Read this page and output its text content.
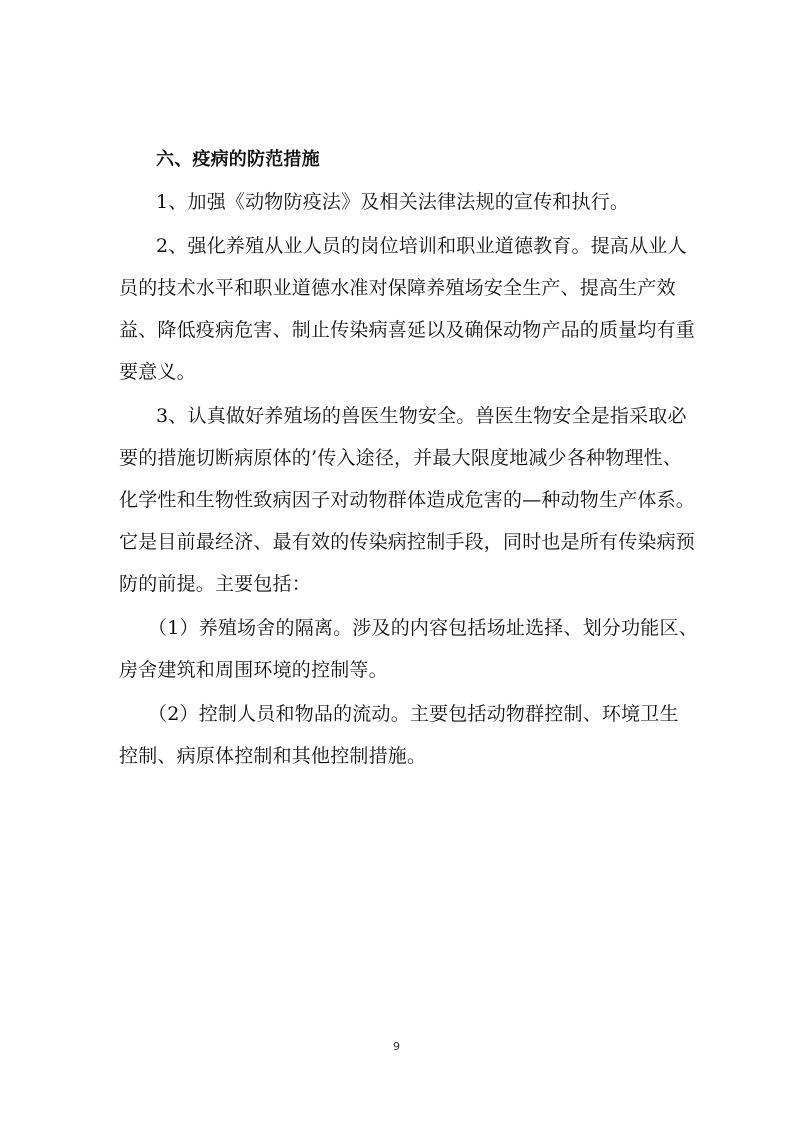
六、疫病的防范措施
1、加强《动物防疫法》及相关法律法规的宣传和执行。
2、强化养殖从业人员的岗位培训和职业道德教育。提高从业人
员的技术水平和职业道德水准对保障养殖场安全生产、提高生产效
益、降低疫病危害、制止传染病喜延以及确保动物产品的质量均有重
要意义。
3、认真做好养殖场的兽医生物安全。兽医生物安全是指采取必
要的措施切断病原体的’传入途径，并最大限度地减少各种物理性、
化学性和生物性致病因子对动物群体造成危害的—种动物生产体系。
它是目前最经济、最有效的传染病控制手段，同时也是所有传染病预
防的前提。主要包括：
（1）养殖场舍的隔离。涉及的内容包括场址选择、划分功能区、
房舍建筑和周围环境的控制等。
（2）控制人员和物品的流动。主要包括动物群控制、环境卫生
控制、病原体控制和其他控制措施。
9
